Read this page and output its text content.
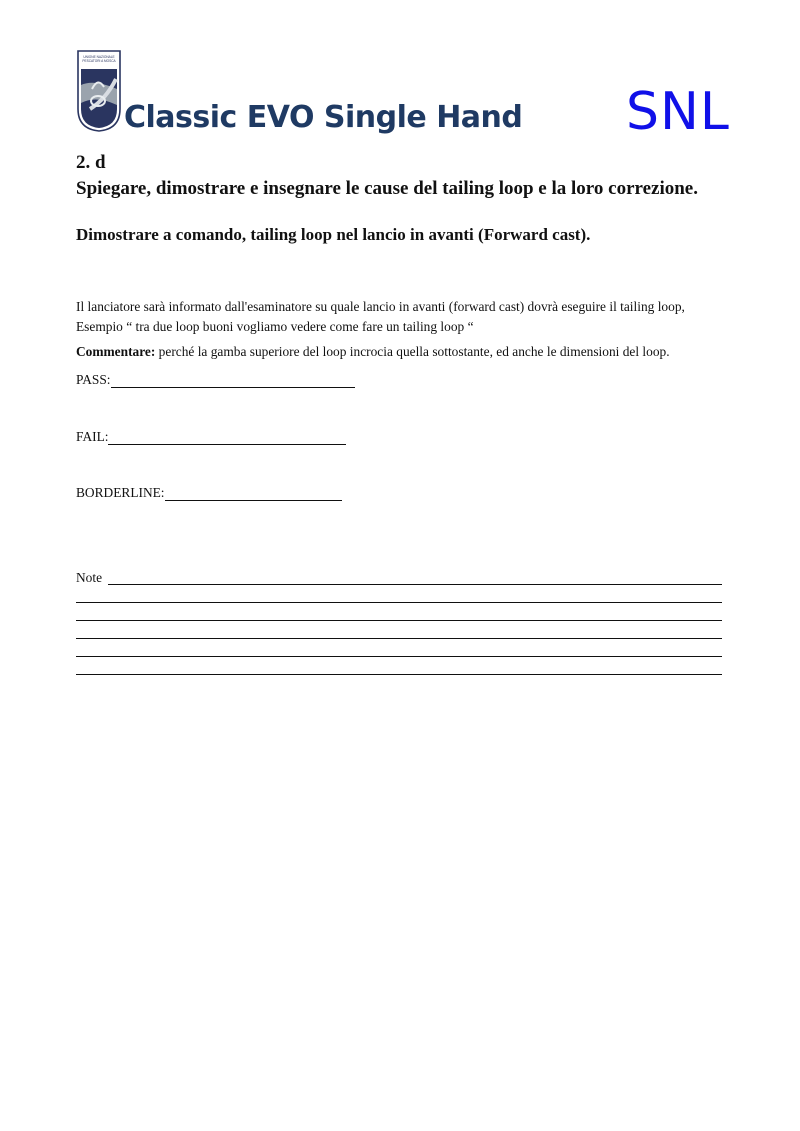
UNIONE NAZIONALE
PESCATORI A MOSCA
Classic EVO Single Hand SNL
2. d
Spiegare, dimostrare e insegnare le cause del tailing loop e la loro correzione.
Dimostrare a comando, tailing loop nel lancio in avanti (Forward cast).
Il lanciatore sarà informato dall'esaminatore su quale lancio in avanti (forward cast) dovrà eseguire il tailing loop,
Esempio “ tra due loop buoni vogliamo vedere come fare un tailing loop “
Commentare: perché la gamba superiore del loop incrocia quella sottostante, ed anche le dimensioni del loop.
PASS:
FAIL:
BORDERLINE:
Note
